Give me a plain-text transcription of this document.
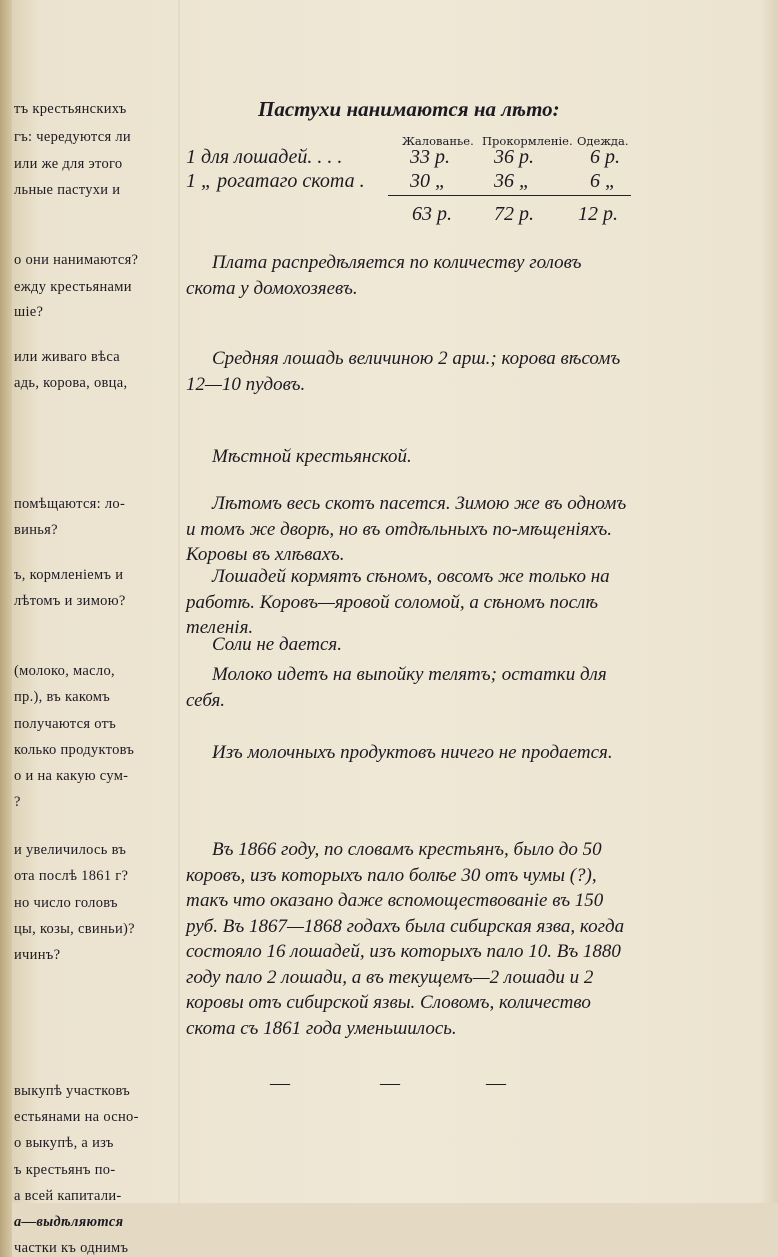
тъ крестьянскихъ
гъ: чередуются ли
или же для этого
льные пастухи и
о они нанимаются?
ежду крестьянами
шіе?
или живаго вѣса
адь, корова, овца,
помѣщаются: ло-
винья?
ъ, кормленіемъ и
лѣтомъ и зимою?
(молоко, масло,
пр.), въ какомъ
получаются отъ
колько продуктовъ
о и на какую сум-
?
и увеличилось въ
ота послѣ 1861 г?
но число головъ
цы, козы, свиньи)?
ичинъ?
выкупѣ участковъ
естьянами на осно-
о выкупѣ, а изъ
ъ крестьянъ по-
а всей капитали-
а—выдѣляются
частки къ однимъ
Пастухи нанимаются на лѣто:
Жалованье. Прокормленіе. Одежда.
1 для лошадей. . . .	33 р. 36 р.	6 р.
1 „ рогатаго скота . 30 „ 36 „	6 „
63 р. 72 р. 12 р.

Плата распредѣляется по количеству головъ скота у домохозяевъ.

Средняя лошадь величиною 2 арш.; корова вѣсомъ 12—10 пудовъ.

Мѣстной крестьянской.

Лѣтомъ весь скотъ пасется. Зимою же въ одномъ и томъ же дворѣ, но въ отдѣльныхъ по-мѣщеніяхъ. Коровы въ хлѣвахъ.

Лошадей кормятъ сѣномъ, овсомъ же только на работѣ. Коровъ—яровой соломой, а сѣномъ послѣ теленія.

Соли не дается.

Молоко идетъ на выпойку телятъ; остатки для себя.

Изъ молочныхъ продуктовъ ничего не продается.

Въ 1866 году, по словамъ крестьянъ, было до 50 коровъ, изъ которыхъ пало болѣе 30 отъ чумы (?), такъ что оказано даже вспомоществованіе въ 150 руб. Въ 1867—1868 годахъ была сибирская язва, когда состояло 16 лошадей, изъ которыхъ пало 10. Въ 1880 году пало 2 лошади, а въ текущемъ—2 лошади и 2 коровы отъ сибирской язвы. Словомъ, количество скота съ 1861 года уменьшилось.

—	—	—
